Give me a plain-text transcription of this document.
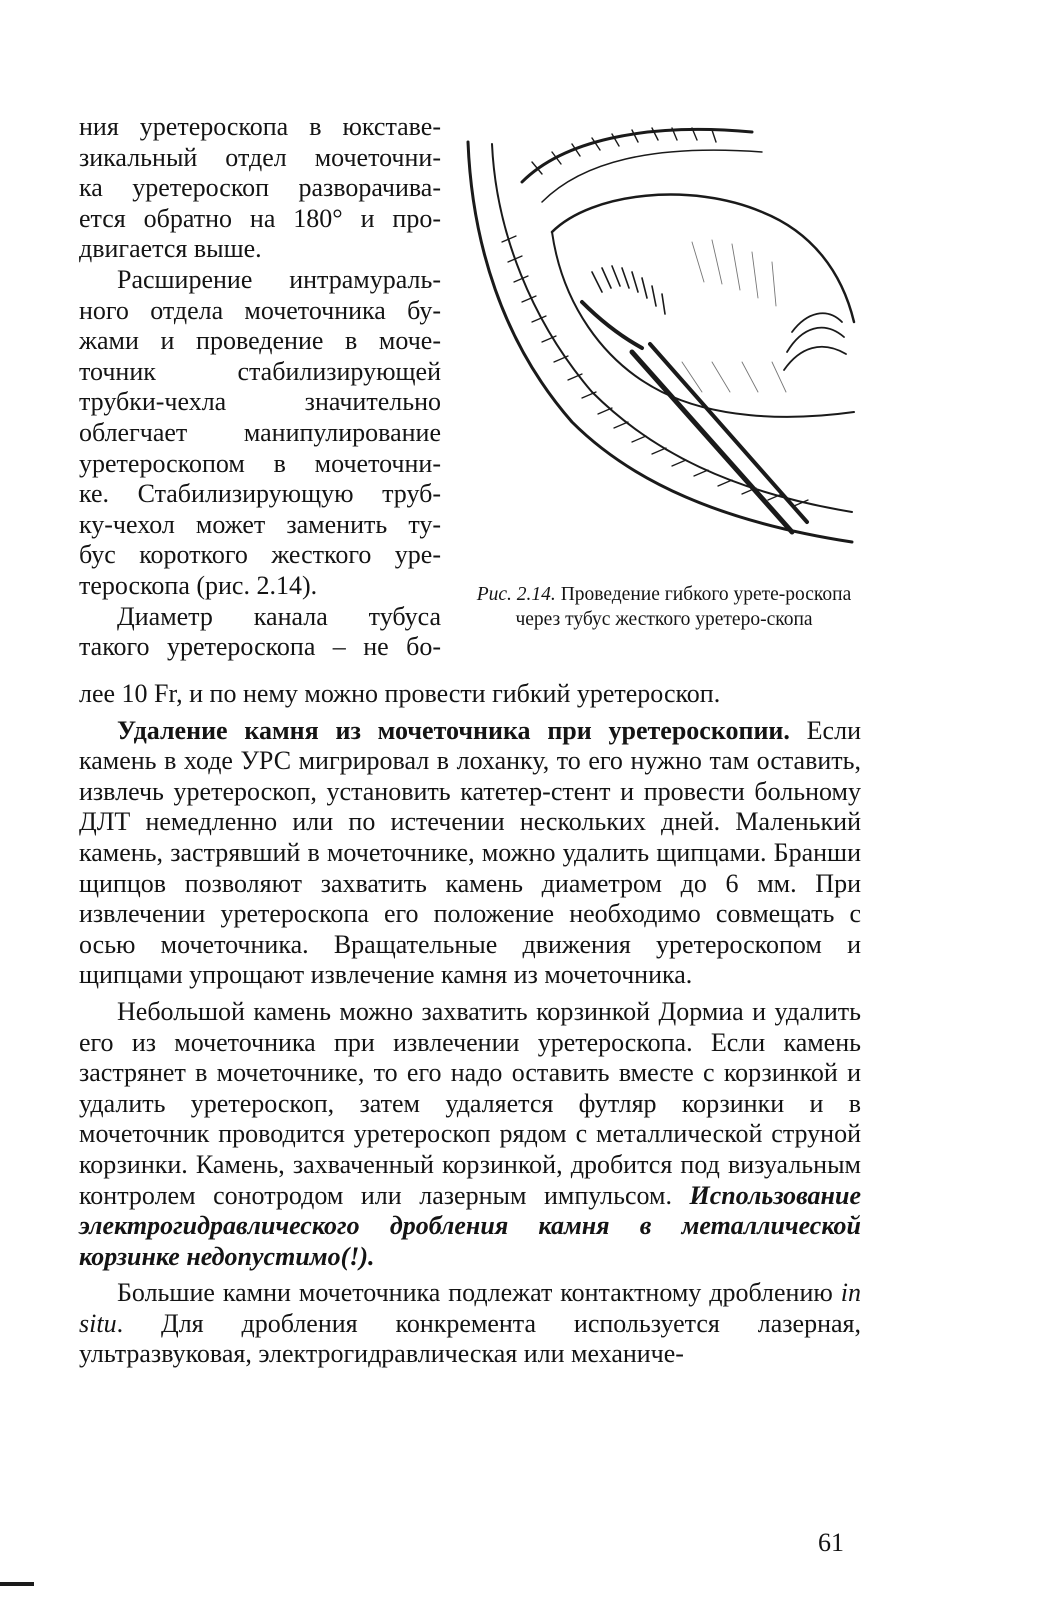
ния уретероскопа в юкставе-
зикальный отдел мочеточни-
ка уретероскоп разворачива-
ется обратно на 180° и про-
двигается выше.

Расширение интрамураль-
ного отдела мочеточника бу-
жами и проведение в моче-
точник стабилизирующей
трубки-чехла значительно
облегчает манипулирование
уретероскопом в мочеточни-
ке. Стабилизирующую труб-
ку-чехол может заменить ту-
бус короткого жесткого уре-
тероскопа (рис. 2.14).

Диаметр канала тубуса
такого уретероскопа – не бо-

Рис. 2.14. Проведение гибкого урете-роскопа через тубус жесткого уретеро-скопа

лее 10 Fr, и по нему можно провести гибкий уретероскоп.

Удаление камня из мочеточника при уретероскопии. Если камень в ходе УРС мигрировал в лоханку, то его нужно там оставить, извлечь уретероскоп, установить катетер-стент и провести больному ДЛТ немедленно или по истечении нескольких дней. Маленький камень, застрявший в мочеточнике, можно удалить щипцами. Бранши щипцов позволяют захватить камень диаметром до 6 мм. При извлечении уретероскопа его положение необходимо совмещать с осью мочеточника. Вращательные движения уретероскопом и щипцами упрощают извлечение камня из мочеточника.

Небольшой камень можно захватить корзинкой Дормиа и удалить его из мочеточника при извлечении уретероскопа. Если камень застрянет в мочеточнике, то его надо оставить вместе с корзинкой и удалить уретероскоп, затем удаляется футляр корзинки и в мочеточник проводится уретероскоп рядом с металлической струной корзинки. Камень, захваченный корзинкой, дробится под визуальным контролем сонотродом или лазерным импульсом. Использование электрогидравлического дробления камня в металлической корзинке недопустимо(!).

Большие камни мочеточника подлежат контактному дроблению in situ. Для дробления конкремента используется лазерная, ультразвуковая, электрогидравлическая или механиче-

61
